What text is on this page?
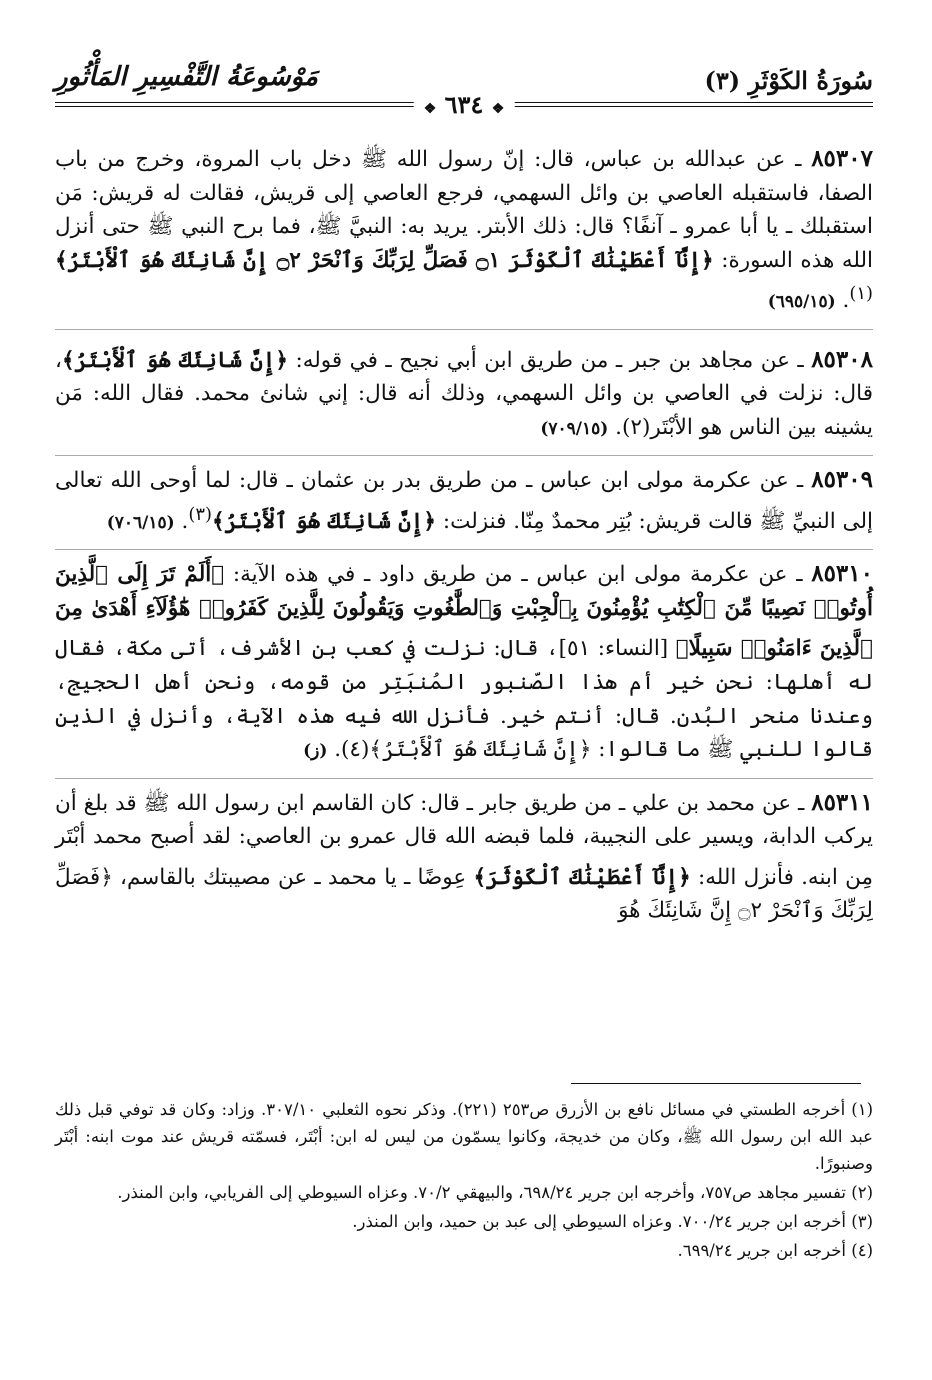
سُورَةُ الكَوْثَرِ (٣)
مَوْسُوعَةُ التَّفْسِيرِ المَأْثُورِ
❖ ٦٣٤ ❖

٨٥٣٠٧ ـ عن عبدالله بن عباس، قال: إنّ رسول الله ﷺ دخل باب المروة، وخرج من باب الصفا، فاستقبله العاصي بن وائل السهمي، فرجع العاصي إلى قريش، فقالت له قريش: مَن استقبلك ـ يا أبا عمرو ـ آنفًا؟ قال: ذلك الأبتر. يريد به: النبيَّ ﷺ، فما برح النبي ﷺ حتى أنزل الله هذه السورة: ﴿إِنَّآ أَعْطَيْنَٰكَ ٱلْكَوْثَرَ ۝١ فَصَلِّ لِرَبِّكَ وَٱنْحَرْ ۝٢ إِنَّ شَانِئَكَ هُوَ ٱلْأَبْتَرُ﴾$^{(١)}$. (٦٩٥/١٥)

٨٥٣٠٨ ـ عن مجاهد بن جبر ـ من طريق ابن أبي نجيح ـ في قوله: ﴿إِنَّ شَانِئَكَ هُوَ ٱلْأَبْتَرُ﴾، قال: نزلت في العاصي بن وائل السهمي، وذلك أنه قال: إني شانئ محمد. فقال الله: مَن يشينه بين الناس هو الأبْتَر(٢). (٧٠٩/١٥)

٨٥٣٠٩ ـ عن عكرمة مولى ابن عباس ـ من طريق بدر بن عثمان ـ قال: لما أوحى الله تعالى إلى النبيِّ ﷺ قالت قريش: بُتِر محمدٌ مِنّا. فنزلت: ﴿إِنَّ شَانِئَكَ هُوَ ٱلْأَبْتَرُ﴾$^{(٣)}$. (٧٠٦/١٥)

٨٥٣١٠ ـ عن عكرمة مولى ابن عباس ـ من طريق داود ـ في هذه الآية: ﴿أَلَمْ تَرَ إِلَى ٱلَّذِينَ أُوتُوا۟ نَصِيبًا مِّنَ ٱلْكِتَٰبِ يُؤْمِنُونَ بِٱلْجِبْتِ وَٱلطَّٰغُوتِ وَيَقُولُونَ لِلَّذِينَ كَفَرُوا۟ هَٰٓؤُلَآءِ أَهْدَىٰ مِنَ ٱلَّذِينَ ءَامَنُوا۟ سَبِيلًا﴾ [النساء: ٥١]، قال: نزلت في كعب بن الأشرف، أتى مكة، فقال له أهلها: نحن خير أم هذا الصّنبور المُنبَتِر من قومه، ونحن أهل الحجيج، وعندنا منحر البُدن. قال: أنتم خير. فأنزل الله فيه هذه الآية، وأنزل في الذين قالوا للنبي ﷺ ما قالوا: ﴿إِنَّ شَانِئَكَ هُوَ ٱلْأَبْتَرُ﴾(٤). (ز)

٨٥٣١١ ـ عن محمد بن علي ـ من طريق جابر ـ قال: كان القاسم ابن رسول الله ﷺ قد بلغ أن يركب الدابة، ويسير على النجيبة، فلما قبضه الله قال عمرو بن العاصي: لقد أصبح محمد أبْتَر مِن ابنه. فأنزل الله: ﴿إِنَّآ أَعْطَيْنَٰكَ ٱلْكَوْثَرَ﴾ عِوضًا ـ يا محمد ـ عن مصيبتك بالقاسم، ﴿فَصَلِّ لِرَبِّكَ وَٱنْحَرْ ۝٢ إِنَّ شَانِئَكَ هُوَ

(١) أخرجه الطستي في مسائل نافع بن الأزرق ص٢٥٣ (٢٢١). وذكر نحوه الثعلبي ٣٠٧/١٠. وزاد: وكان قد توفي قبل ذلك عبد الله ابن رسول الله ﷺ، وكان من خديجة، وكانوا يسمّون من ليس له ابن: أبْتَر، فسمّته قريش عند موت ابنه: أبْتَر وصنبورًا.

(٢) تفسير مجاهد ص٧٥٧، وأخرجه ابن جرير ٦٩٨/٢٤، والبيهقي ٧٠/٢. وعزاه السيوطي إلى الفريابي، وابن المنذر.

(٣) أخرجه ابن جرير ٧٠٠/٢٤. وعزاه السيوطي إلى عبد بن حميد، وابن المنذر.

(٤) أخرجه ابن جرير ٦٩٩/٢٤.
